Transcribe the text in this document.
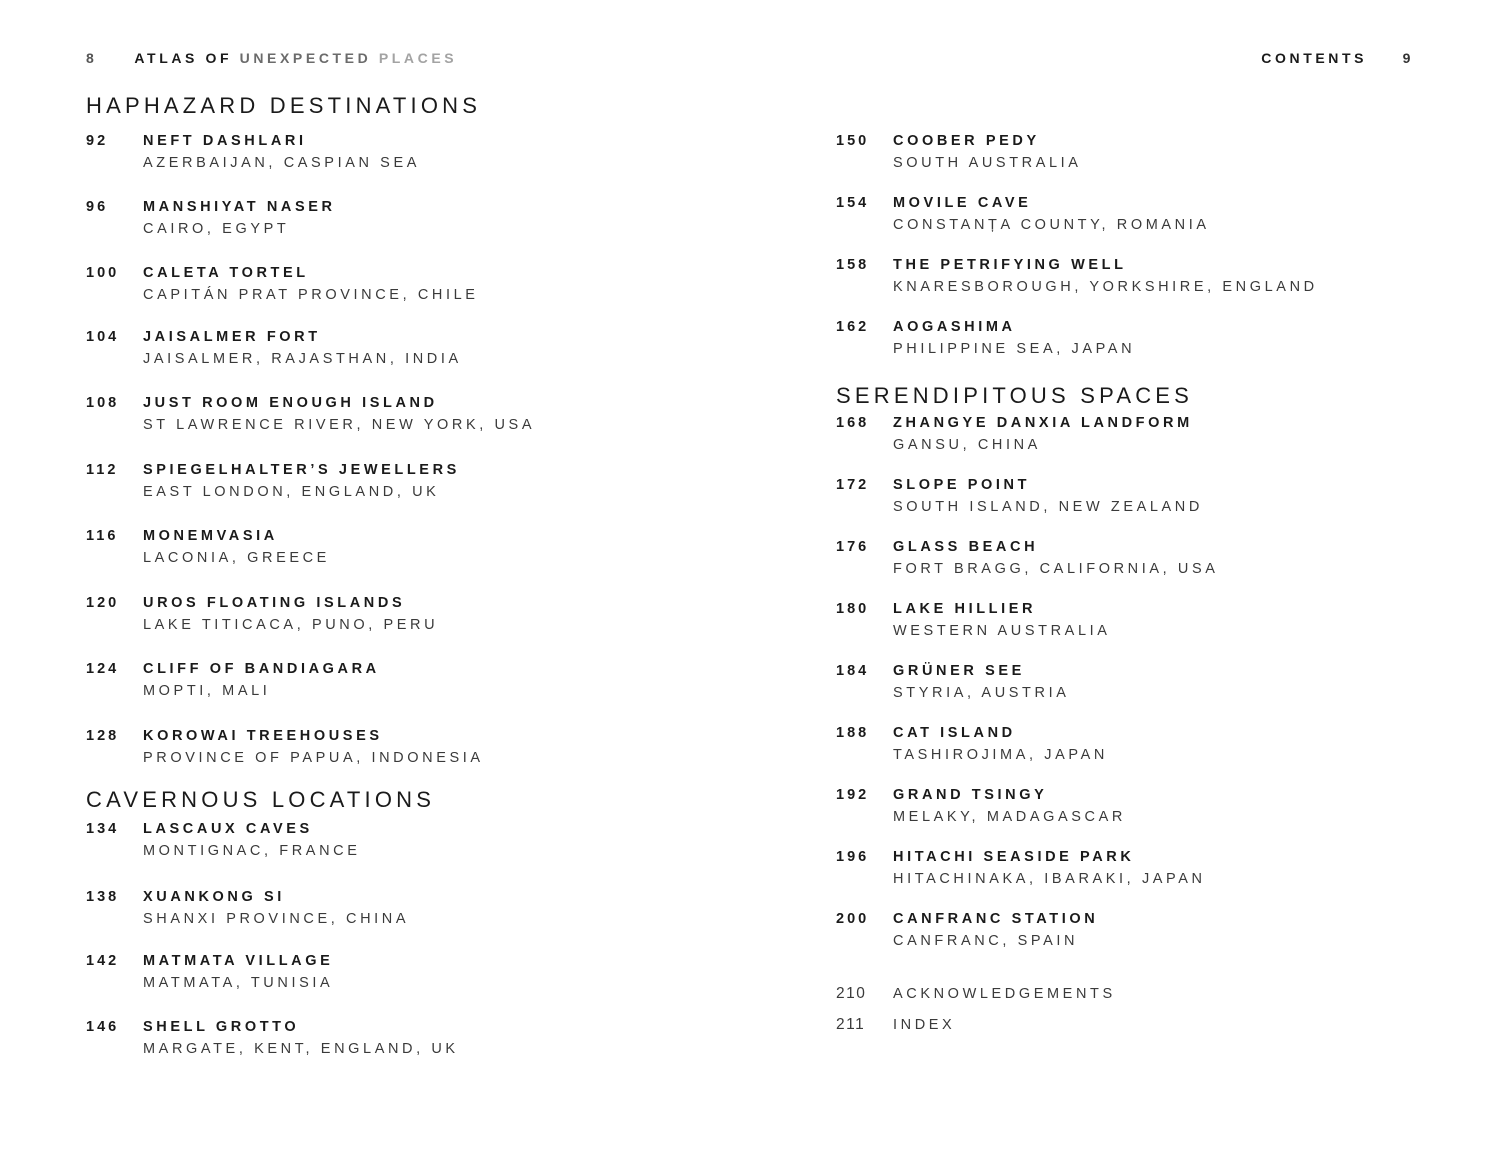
8	ATLAS OF UNEXPECTED PLACES
HAPHAZARD DESTINATIONS
92	NEFT DASHLARI
AZERBAIJAN, CASPIAN SEA
96	MANSHIYAT NASER
CAIRO, EGYPT
100	CALETA TORTEL
CAPITÁN PRAT PROVINCE, CHILE
104	JAISALMER FORT
JAISALMER, RAJASTHAN, INDIA
108	JUST ROOM ENOUGH ISLAND
ST LAWRENCE RIVER, NEW YORK, USA
112	SPIEGELHALTER’S JEWELLERS
EAST LONDON, ENGLAND, UK
116	MONEMVASIA
LACONIA, GREECE
120	UROS FLOATING ISLANDS
LAKE TITICACA, PUNO, PERU
124	CLIFF OF BANDIAGARA
MOPTI, MALI
128	KOROWAI TREEHOUSES
PROVINCE OF PAPUA, INDONESIA
CAVERNOUS LOCATIONS
134	LASCAUX CAVES
MONTIGNAC, FRANCE
138	XUANKONG SI
SHANXI PROVINCE, CHINA
142	MATMATA VILLAGE
MATMATA, TUNISIA
146	SHELL GROTTO
MARGATE, KENT, ENGLAND, UK
CONTENTS	9
150	COOBER PEDY
SOUTH AUSTRALIA
154	MOVILE CAVE
CONSTANȚA COUNTY, ROMANIA
158	THE PETRIFYING WELL
KNARESBOROUGH, YORKSHIRE, ENGLAND
162	AOGASHIMA
PHILIPPINE SEA, JAPAN
SERENDIPITOUS SPACES
168	ZHANGYE DANXIA LANDFORM
GANSU, CHINA
172	SLOPE POINT
SOUTH ISLAND, NEW ZEALAND
176	GLASS BEACH
FORT BRAGG, CALIFORNIA, USA
180	LAKE HILLIER
WESTERN AUSTRALIA
184	GRÜNER SEE
STYRIA, AUSTRIA
188	CAT ISLAND
TASHIROJIMA, JAPAN
192	GRAND TSINGY
MELAKY, MADAGASCAR
196	HITACHI SEASIDE PARK
HITACHINAKA, IBARAKI, JAPAN
200	CANFRANC STATION
CANFRANC, SPAIN
210	ACKNOWLEDGEMENTS
211	INDEX
